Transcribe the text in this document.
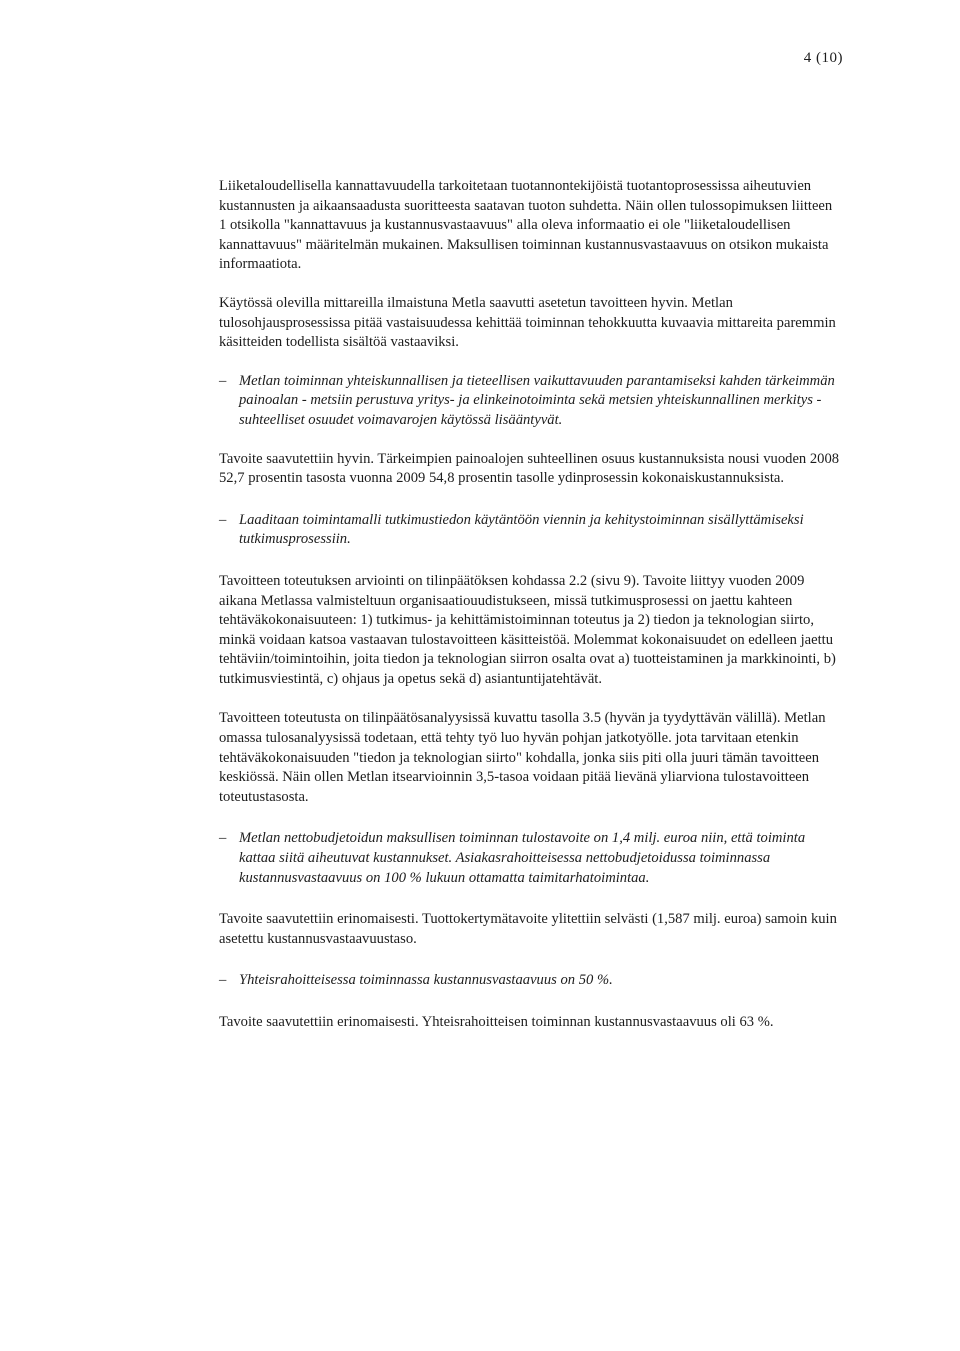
4 (10)

Liiketaloudellisella kannattavuudella tarkoitetaan tuotannontekijöistä tuotantoprosessissa aiheutuvien kustannusten ja aikaansaadusta suoritteesta saatavan tuoton suhdetta. Näin ollen tulossopimuksen liitteen 1 otsikolla "kannattavuus ja kustannusvastaavuus" alla oleva informaatio ei ole "liiketaloudellisen kannattavuus" määritelmän mukainen. Maksullisen toiminnan kustannusvastaavuus on otsikon mukaista informaatiota.

Käytössä olevilla mittareilla ilmaistuna Metla saavutti asetetun tavoitteen hyvin. Metlan tulosohjausprosessissa pitää vastaisuudessa kehittää toiminnan tehokkuutta kuvaavia mittareita paremmin käsitteiden todellista sisältöä vastaaviksi.

– Metlan toiminnan yhteiskunnallisen ja tieteellisen vaikuttavuuden parantamiseksi kahden tärkeimmän painoalan - metsiin perustuva yritys- ja elinkeinotoiminta sekä metsien yhteiskunnallinen merkitys - suhteelliset osuudet voimavarojen käytössä lisääntyvät.

Tavoite saavutettiin hyvin. Tärkeimpien painoalojen suhteellinen osuus kustannuksista nousi vuoden 2008 52,7 prosentin tasosta vuonna 2009 54,8 prosentin tasolle ydinprosessin kokonaiskustannuksista.

– Laaditaan toimintamalli tutkimustiedon käytäntöön viennin ja kehitystoiminnan sisällyttämiseksi tutkimusprosessiin.

Tavoitteen toteutuksen arviointi on tilinpäätöksen kohdassa 2.2 (sivu 9). Tavoite liittyy vuoden 2009 aikana Metlassa valmisteltuun organisaatiouudistukseen, missä tutkimusprosessi on jaettu kahteen tehtäväkokonaisuuteen: 1) tutkimus- ja kehittämistoiminnan toteutus ja 2) tiedon ja teknologian siirto, minkä voidaan katsoa vastaavan tulostavoitteen käsitteistöä. Molemmat kokonaisuudet on edelleen jaettu tehtäviin/toimintoihin, joita tiedon ja teknologian siirron osalta ovat a) tuotteistaminen ja markkinointi, b) tutkimusviestintä, c) ohjaus ja opetus sekä d) asiantuntijatehtävät.

Tavoitteen toteutusta on tilinpäätösanalyysissä kuvattu tasolla 3.5 (hyvän ja tyydyttävän välillä). Metlan omassa tulosanalyysissä todetaan, että tehty työ luo hyvän pohjan jatkotyölle. jota tarvitaan etenkin tehtäväkokonaisuuden "tiedon ja teknologian siirto" kohdalla, jonka siis piti olla juuri tämän tavoitteen keskiössä. Näin ollen Metlan itsearvioinnin 3,5-tasoa voidaan pitää lievänä yliarviona tulostavoitteen toteutustasosta.

– Metlan nettobudjetoidun maksullisen toiminnan tulostavoite on 1,4 milj. euroa niin, että toiminta kattaa siitä aiheutuvat kustannukset. Asiakasrahoitteisessa nettobudjetoidussa toiminnassa kustannusvastaavuus on 100 % lukuun ottamatta taimitarhatoimintaa.

Tavoite saavutettiin erinomaisesti. Tuottokertymätavoite ylitettiin selvästi (1,587 milj. euroa) samoin kuin asetettu kustannusvastaavuustaso.

– Yhteisrahoitteisessa toiminnassa kustannusvastaavuus on 50 %.

Tavoite saavutettiin erinomaisesti. Yhteisrahoitteisen toiminnan kustannusvastaavuus oli 63 %.
